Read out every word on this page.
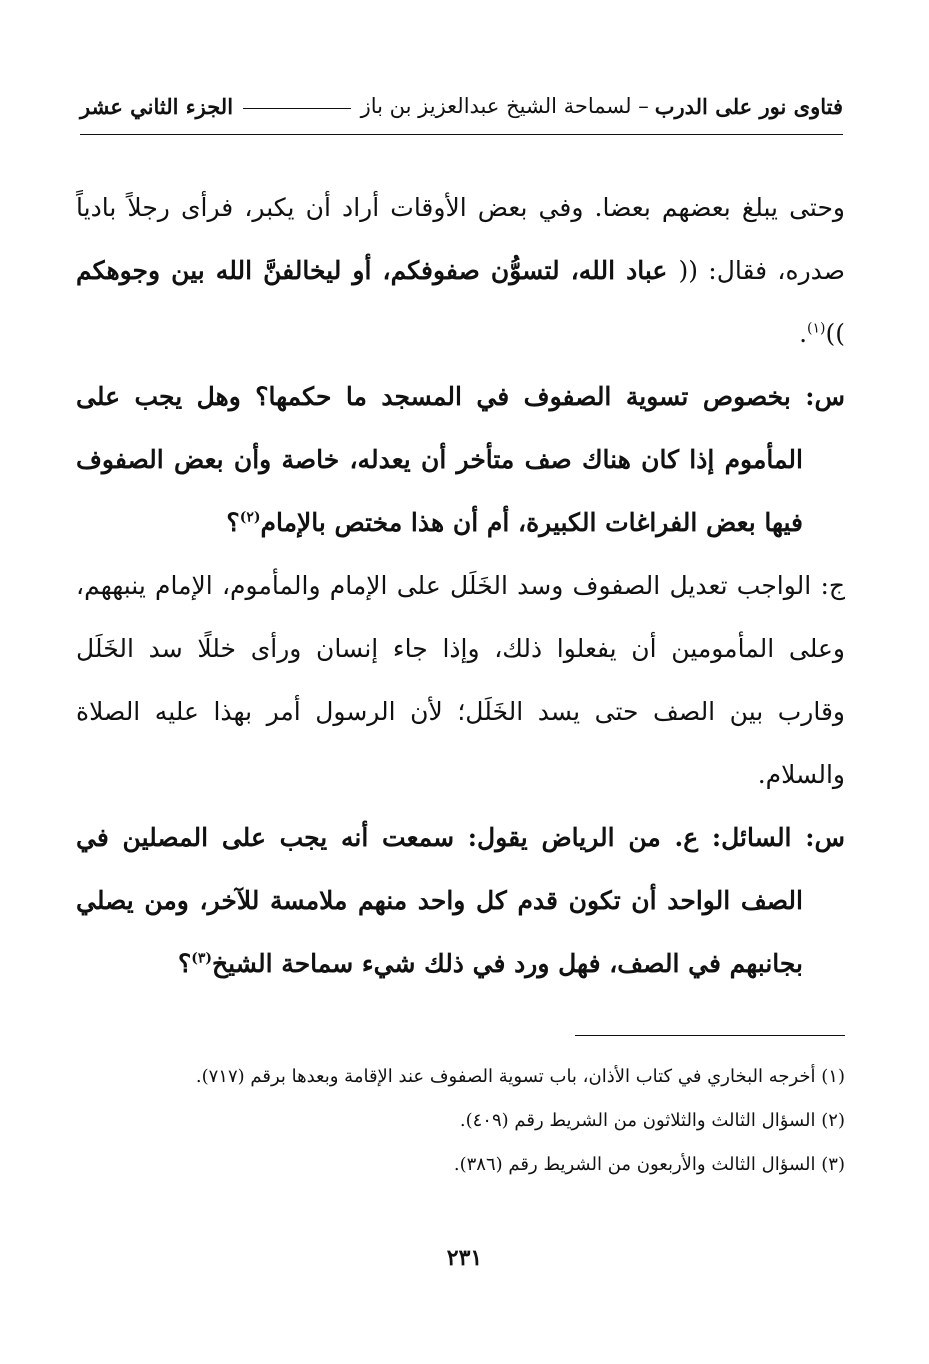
فتاوى نور على الدرب
– لسماحة الشيخ عبدالعزيز بن باز
الجزء الثاني عشر

وحتى يبلغ بعضهم بعضا. وفي بعض الأوقات أراد أن يكبر، فرأى رجلاً بادياً صدره، فقال: (( عباد الله، لتسوُّن صفوفكم، أو ليخالفنَّ الله بين وجوهكم ))$^{(١)}$.

س: بخصوص تسوية الصفوف في المسجد ما حكمها؟ وهل يجب على المأموم إذا كان هناك صف متأخر أن يعدله، خاصة وأن بعض الصفوف فيها بعض الفراغات الكبيرة، أم أن هذا مختص بالإمام$^{(٢)}$؟

ج: الواجب تعديل الصفوف وسد الخَلَل على الإمام والمأموم، الإمام ينبههم، وعلى المأمومين أن يفعلوا ذلك، وإذا جاء إنسان ورأى خللًا سد الخَلَل وقارب بين الصف حتى يسد الخَلَل؛ لأن الرسول أمر بهذا عليه الصلاة والسلام.

س: السائل: ع. من الرياض يقول: سمعت أنه يجب على المصلين في الصف الواحد أن تكون قدم كل واحد منهم ملامسة للآخر، ومن يصلي بجانبهم في الصف، فهل ورد في ذلك شيء سماحة الشيخ$^{(٣)}$؟

(١) أخرجه البخاري في كتاب الأذان، باب تسوية الصفوف عند الإقامة وبعدها برقم (٧١٧).

(٢) السؤال الثالث والثلاثون من الشريط رقم (٤٠٩).

(٣) السؤال الثالث والأربعون من الشريط رقم (٣٨٦).

٢٣١
